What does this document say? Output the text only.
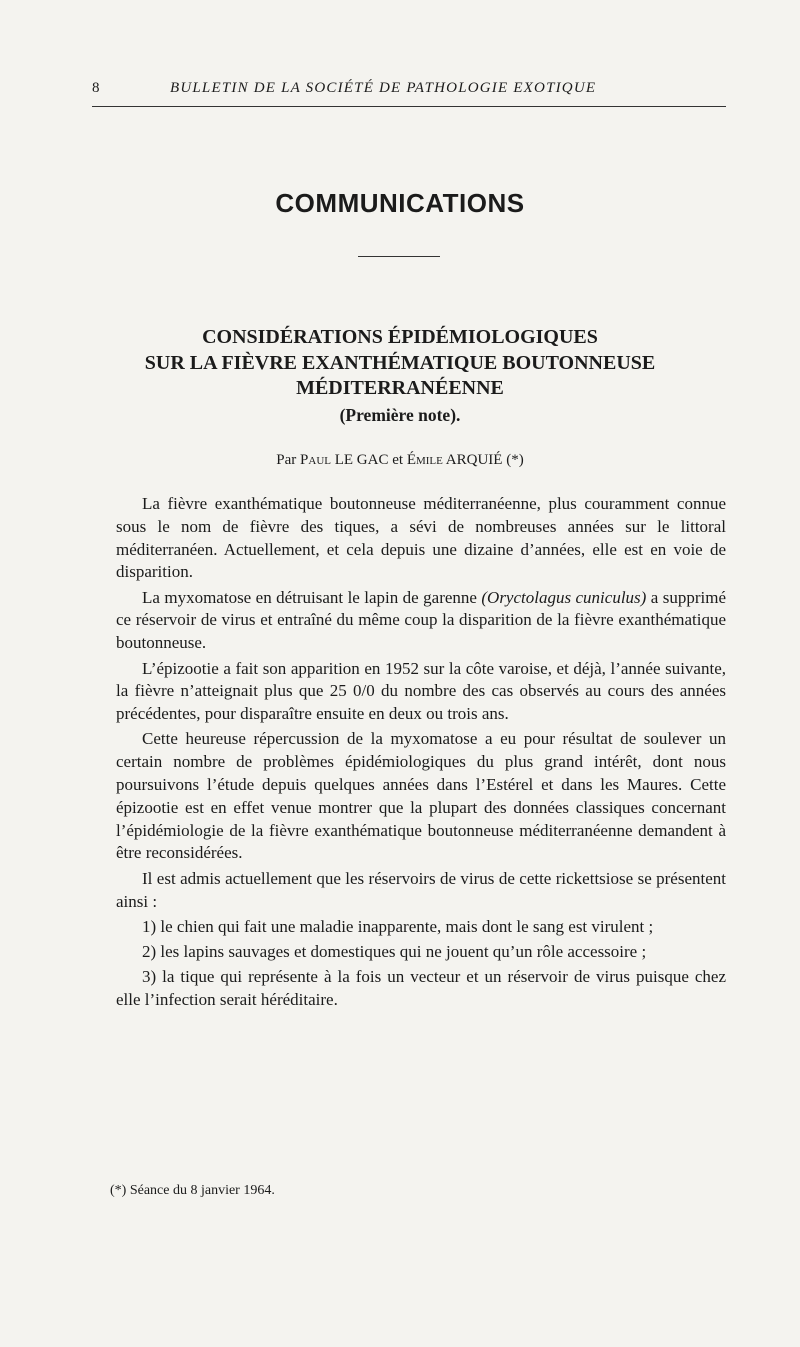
8	BULLETIN DE LA SOCIÉTÉ DE PATHOLOGIE EXOTIQUE
COMMUNICATIONS
CONSIDÉRATIONS ÉPIDÉMIOLOGIQUES
SUR LA FIÈVRE EXANTHÉMATIQUE BOUTONNEUSE
MÉDITERRANÉENNE
(Première note).
Par Paul LE GAC et Émile ARQUIÉ (*)

La fièvre exanthématique boutonneuse méditerranéenne, plus couramment connue sous le nom de fièvre des tiques, a sévi de nombreuses années sur le littoral méditerranéen. Actuellement, et cela depuis une dizaine d’années, elle est en voie de disparition.

La myxomatose en détruisant le lapin de garenne (Oryctolagus cuniculus) a supprimé ce réservoir de virus et entraîné du même coup la disparition de la fièvre exanthématique boutonneuse.

L’épizootie a fait son apparition en 1952 sur la côte varoise, et déjà, l’année suivante, la fièvre n’atteignait plus que 25 0/0 du nombre des cas observés au cours des années précédentes, pour disparaître ensuite en deux ou trois ans.

Cette heureuse répercussion de la myxomatose a eu pour résultat de soulever un certain nombre de problèmes épidémiologiques du plus grand intérêt, dont nous poursuivons l’étude depuis quelques années dans l’Estérel et dans les Maures. Cette épizootie est en effet venue montrer que la plupart des données classiques concernant l’épidémiologie de la fièvre exanthématique boutonneuse méditerranéenne demandent à être reconsidérées.

Il est admis actuellement que les réservoirs de virus de cette rickettsiose se présentent ainsi :

1) le chien qui fait une maladie inapparente, mais dont le sang est virulent ;

2) les lapins sauvages et domestiques qui ne jouent qu’un rôle accessoire ;

3) la tique qui représente à la fois un vecteur et un réservoir de virus puisque chez elle l’infection serait héréditaire.

(*) Séance du 8 janvier 1964.
